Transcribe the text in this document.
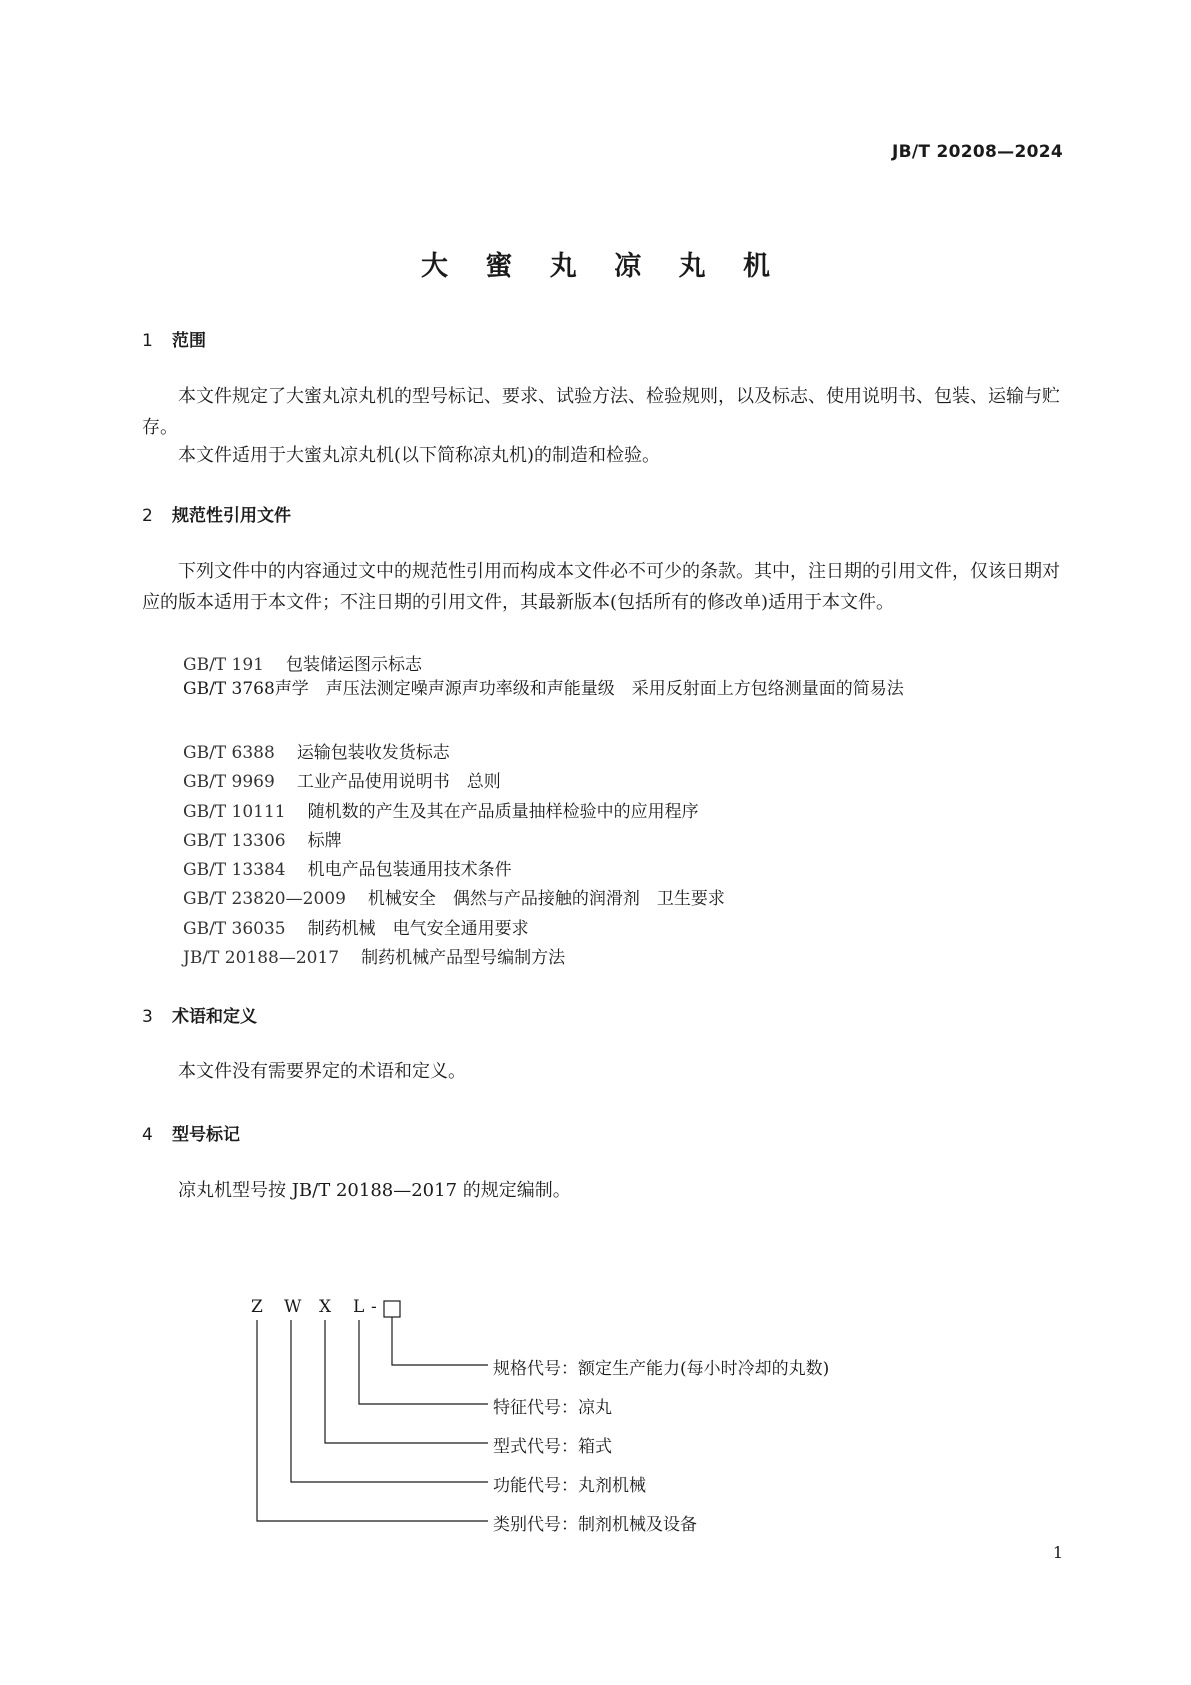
JB/T 20208—2024
大 蜜 丸 凉 丸 机
1 范围
本文件规定了大蜜丸凉丸机的型号标记、要求、试验方法、检验规则，以及标志、使用说明书、包装、运输与贮存。
本文件适用于大蜜丸凉丸机(以下简称凉丸机)的制造和检验。
2 规范性引用文件
下列文件中的内容通过文中的规范性引用而构成本文件必不可少的条款。其中，注日期的引用文件，仅该日期对应的版本适用于本文件；不注日期的引用文件，其最新版本(包括所有的修改单)适用于本文件。
GB/T 191 包装储运图示标志
GB/T 3768声学　声压法测定噪声源声功率级和声能量级　采用反射面上方包络测量面的简易法
GB/T 6388 运输包装收发货标志
GB/T 9969 工业产品使用说明书　总则
GB/T 10111 随机数的产生及其在产品质量抽样检验中的应用程序
GB/T 13306 标牌
GB/T 13384 机电产品包装通用技术条件
GB/T 23820—2009 机械安全　偶然与产品接触的润滑剂　卫生要求
GB/T 36035 制药机械　电气安全通用要求
JB/T 20188—2017 制药机械产品型号编制方法
3 术语和定义
本文件没有需要界定的术语和定义。
4 型号标记
凉丸机型号按 JB/T 20188—2017 的规定编制。
Z W X L -
规格代号：额定生产能力(每小时冷却的丸数)
特征代号：凉丸
型式代号：箱式
功能代号：丸剂机械
类别代号：制剂机械及设备
1
